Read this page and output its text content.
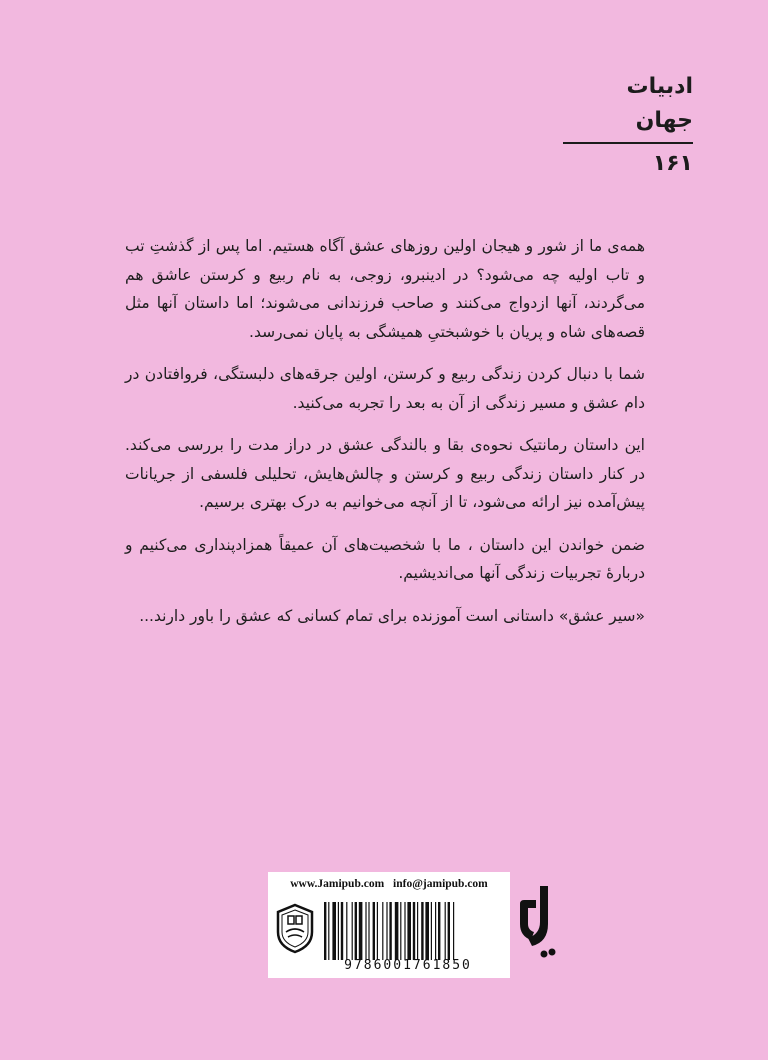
ادبیات جهان
۱۶۱

همه‌ی ما از شور و هیجان اولین روزهای عشق آگاه هستیم. اما پس از گذشتِ تب و تاب اولیه چه می‌شود؟ در ادینبرو، زوجی، به نام ربیع و کرستن عاشق هم می‌گردند، آنها ازدواج می‌کنند و صاحب فرزندانی می‌شوند؛ اما داستان آنها مثل قصه‌های شاه و پریان با خوشبختیِ همیشگی به پایان نمی‌رسد.

شما با دنبال کردن زندگی ربیع و کرستن، اولین جرقه‌های دلبستگی، فروافتادن در دام عشق و مسیر زندگی از آن به بعد را تجربه می‌کنید.

این داستان رمانتیک نحوه‌ی بقا و بالندگی عشق در دراز مدت را بررسی می‌کند. در کنار داستان زندگی ربیع و کرستن و چالش‌هایش، تحلیلی فلسفی از جریانات پیش‌آمده نیز ارائه می‌شود، تا از آنچه می‌خوانیم به درک بهتری برسیم.

ضمن خواندن این داستان ، ما با شخصیت‌های آن عمیقاً همزادپنداری می‌کنیم و دربارۀ تجربیات زندگی آنها می‌اندیشیم.

«سیر عشق» داستانی است آموزنده برای تمام کسانی که عشق را باور دارند...

www.Jamipub.com info@jamipub.com
9786001761850
